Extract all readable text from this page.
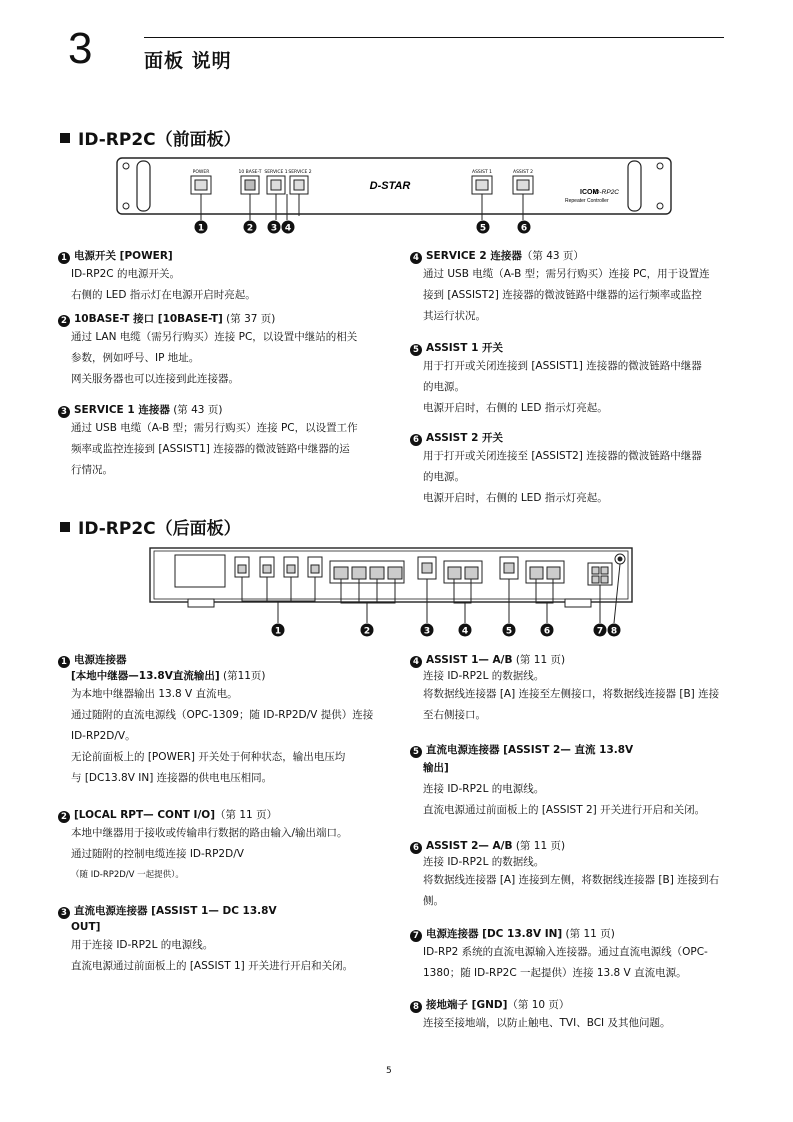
3	面板 说明
ID-RP2C（前面板）
POWER	10 BASE-T SERVICE 1 SERVICE 2	ASSIST 1	ASSIST 2
D-STAR
ICOM
ID-RP2C
Repeater Controller
1	2 3 4	5	6
1 电源开关 [POWER]

ID-RP2C 的电源开关。

右侧的 LED 指示灯在电源开启时亮起。

2 10BASE-T 接口 [10BASE-T] (第 37 页)

通过 LAN 电缆（需另行购买）连接 PC，以设置中继站的相关

参数，例如呼号、IP 地址。

网关服务器也可以连接到此连接器。

3 SERVICE 1 连接器 (第 43 页)

通过 USB 电缆（A-B 型；需另行购买）连接 PC，以设置工作

频率或监控连接到 [ASSIST1] 连接器的微波链路中继器的运

行情况。

4 SERVICE 2 连接器（第 43 页）

通过 USB 电缆（A-B 型；需另行购买）连接 PC，用于设置连

接到 [ASSIST2] 连接器的微波链路中继器的运行频率或监控

其运行状况。

5 ASSIST 1 开关

用于打开或关闭连接到 [ASSIST1] 连接器的微波链路中继器

的电源。

电源开启时，右侧的 LED 指示灯亮起。

6 ASSIST 2 开关

用于打开或关闭连接至 [ASSIST2] 连接器的微波链路中继器

的电源。

电源开启时，右侧的 LED 指示灯亮起。

ID-RP2C（后面板）
1	2	3	4	5	6	7 8
1 电源连接器

[本地中继器—13.8V直流输出] (第11页)

为本地中继器输出 13.8 V 直流电。

通过随附的直流电源线（OPC-1309；随 ID-RP2D/V 提供）连接

ID-RP2D/V。

无论前面板上的 [POWER] 开关处于何种状态，输出电压均

与 [DC13.8V IN] 连接器的供电电压相同。

2 [LOCAL RPT— CONT I/O]（第 11 页）

本地中继器用于接收或传输串行数据的路由输入/输出端口。

通过随附的控制电缆连接 ID-RP2D/V

（随 ID-RP2D/V 一起提供）。

3 直流电源连接器 [ASSIST 1— DC 13.8V

OUT]

用于连接 ID-RP2L 的电源线。

直流电源通过前面板上的 [ASSIST 1] 开关进行开启和关闭。

4 ASSIST 1— A/B (第 11 页)

连接 ID-RP2L 的数据线。

将数据线连接器 [A] 连接至左侧接口，将数据线连接器 [B] 连接

至右侧接口。

5 直流电源连接器 [ASSIST 2— 直流 13.8V

输出]

连接 ID-RP2L 的电源线。

直流电源通过前面板上的 [ASSIST 2] 开关进行开启和关闭。

6 ASSIST 2— A/B (第 11 页)

连接 ID-RP2L 的数据线。

将数据线连接器 [A] 连接到左侧，将数据线连接器 [B] 连接到右

侧。

7 电源连接器 [DC 13.8V IN] (第 11 页)

ID-RP2 系统的直流电源输入连接器。通过直流电源线（OPC-

1380；随 ID-RP2C 一起提供）连接 13.8 V 直流电源。

8 接地端子 [GND]（第 10 页）

连接至接地端，以防止触电、TVI、BCI 及其他问题。

5
